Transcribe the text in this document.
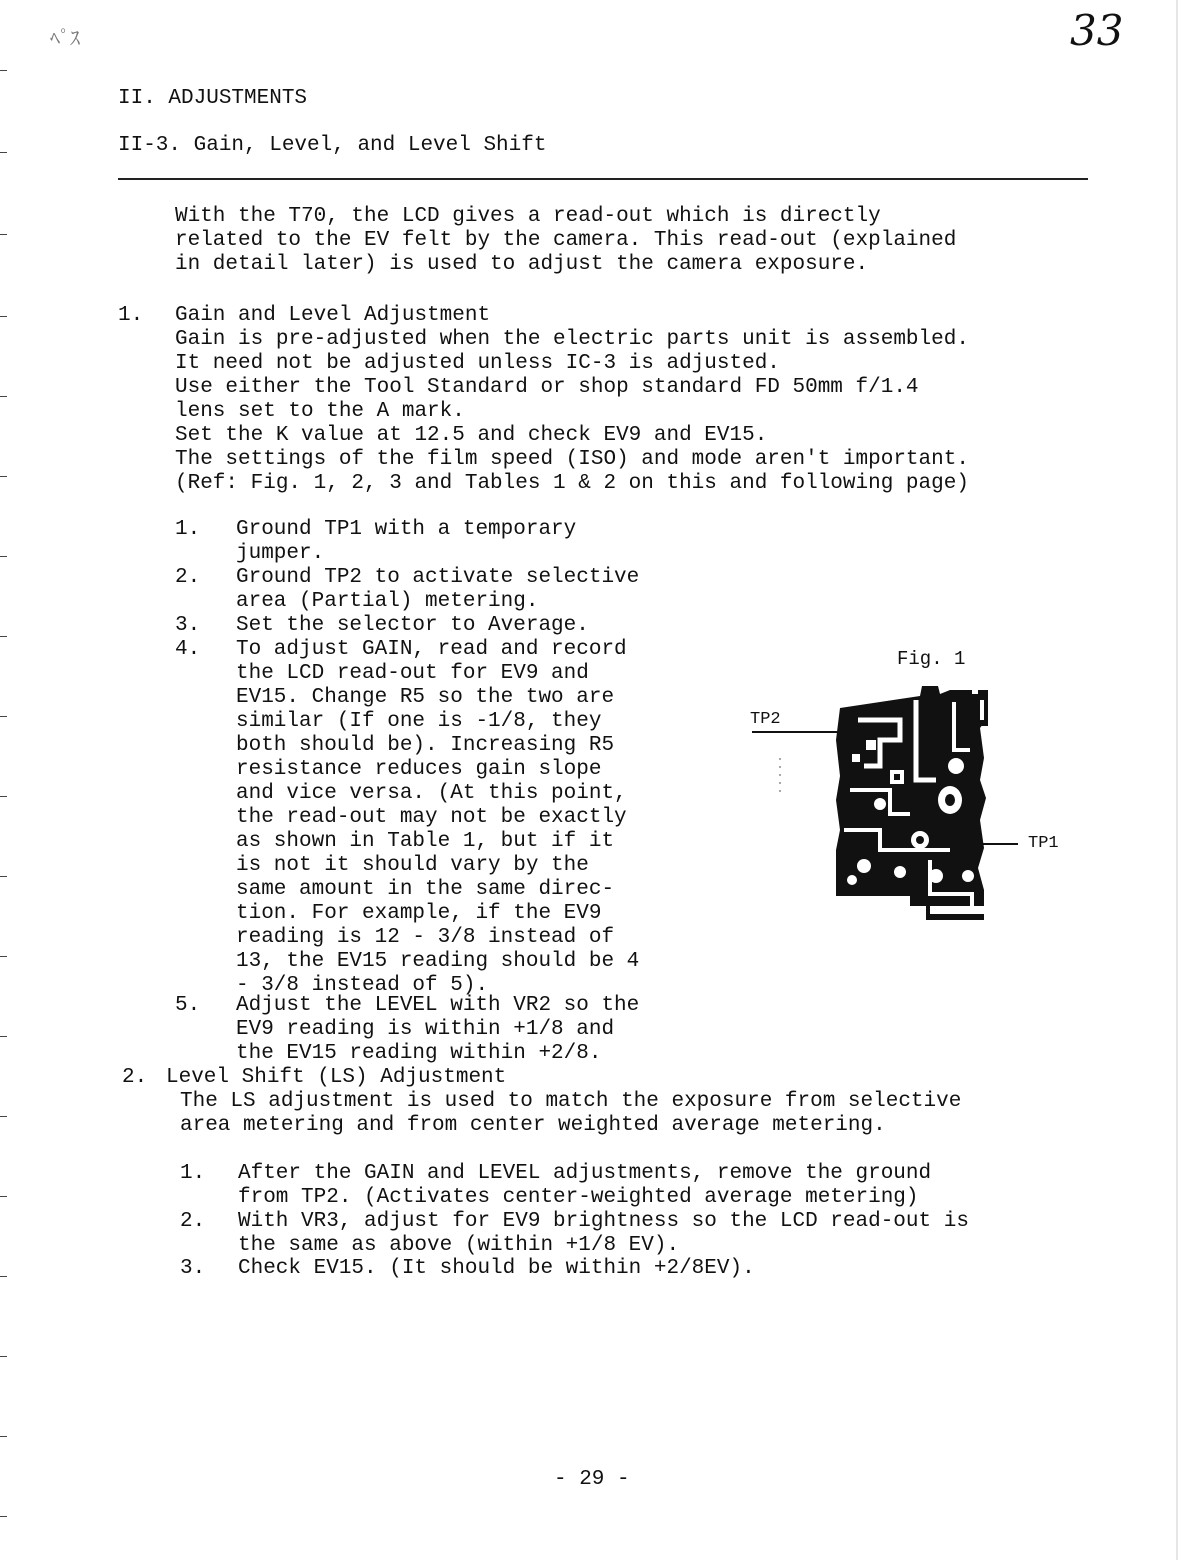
ﾍﾟｽ	33
II. ADJUSTMENTS
II-3. Gain, Level, and Level Shift
With the T70, the LCD gives a read-out which is directly
related to the EV felt by the camera. This read-out (explained
in detail later) is used to adjust the camera exposure.
1. Gain and Level Adjustment
Gain is pre-adjusted when the electric parts unit is assembled.
It need not be adjusted unless IC-3 is adjusted.
Use either the Tool Standard or shop standard FD 50mm f/1.4
lens set to the A mark.
Set the K value at 12.5 and check EV9 and EV15.
The settings of the film speed (ISO) and mode aren't important.
(Ref: Fig. 1, 2, 3 and Tables 1 & 2 on this and following page)
1. Ground TP1 with a temporary
jumper.
2. Ground TP2 to activate selective
area (Partial) metering.
3. Set the selector to Average.
4. To adjust GAIN, read and record
the LCD read-out for EV9 and
EV15. Change R5 so the two are
similar (If one is -1/8, they
both should be). Increasing R5
resistance reduces gain slope
and vice versa. (At this point,
the read-out may not be exactly
as shown in Table 1, but if it
is not it should vary by the
same amount in the same direc-
tion. For example, if the EV9
reading is 12 - 3/8 instead of
13, the EV15 reading should be 4
- 3/8 instead of 5).
5. Adjust the LEVEL with VR2 so the
EV9 reading is within +1/8 and
the EV15 reading within +2/8.
Fig. 1
TP2
TP1
2. Level Shift (LS) Adjustment
The LS adjustment is used to match the exposure from selective
area metering and from center weighted average metering.
1. After the GAIN and LEVEL adjustments, remove the ground
from TP2. (Activates center-weighted average metering)
2. With VR3, adjust for EV9 brightness so the LCD read-out is
the same as above (within +1/8 EV).
3. Check EV15. (It should be within +2/8EV).
- 29 -
